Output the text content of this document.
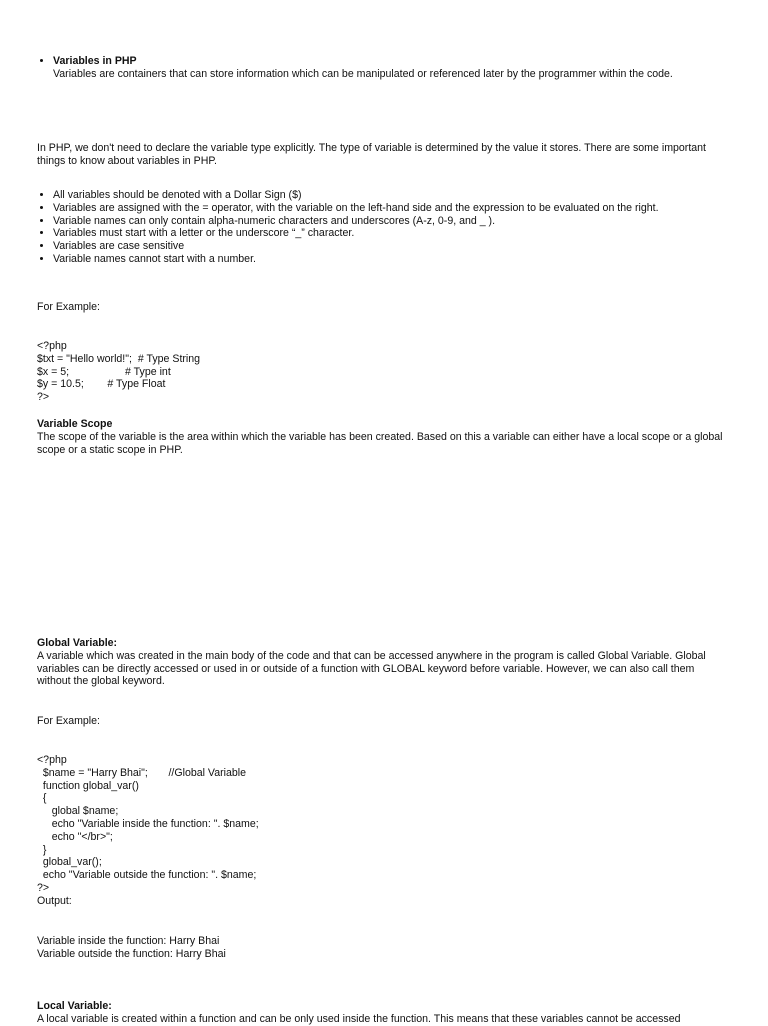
• Variables in PHP
Variables are containers that can store information which can be manipulated or referenced later by the programmer within the code.

In PHP, we don't need to declare the variable type explicitly. The type of variable is determined by the value it stores. There are some important things to know about variables in PHP.

• All variables should be denoted with a Dollar Sign ($)
• Variables are assigned with the = operator, with the variable on the left-hand side and the expression to be evaluated on the right.
• Variable names can only contain alpha-numeric characters and underscores (A-z, 0-9, and _ ).
• Variables must start with a letter or the underscore “_” character.
• Variables are case sensitive
• Variable names cannot start with a number.

For Example:

<?php
$txt = "Hello world!";  # Type String
$x = 5;                   # Type int
$y = 10.5;        # Type Float
?>
Variable Scope

The scope of the variable is the area within which the variable has been created. Based on this a variable can either have a local scope or a global scope or a static scope in PHP.

Global Variable:

A variable which was created in the main body of the code and that can be accessed anywhere in the program is called Global Variable. Global variables can be directly accessed or used in or outside of a function with GLOBAL keyword before variable. However, we can also call them without the global keyword.

For Example:

<?php
$name = "Harry Bhai";       //Global Variable
function global_var()
{
global $name;
echo "Variable inside the function: ". $name;
echo "</br>";
}
global_var();
echo "Variable outside the function: ". $name;
?>
Output:
Variable inside the function: Harry Bhai
Variable outside the function: Harry Bhai
Local Variable:

A local variable is created within a function and can be only used inside the function. This means that these variables cannot be accessed
